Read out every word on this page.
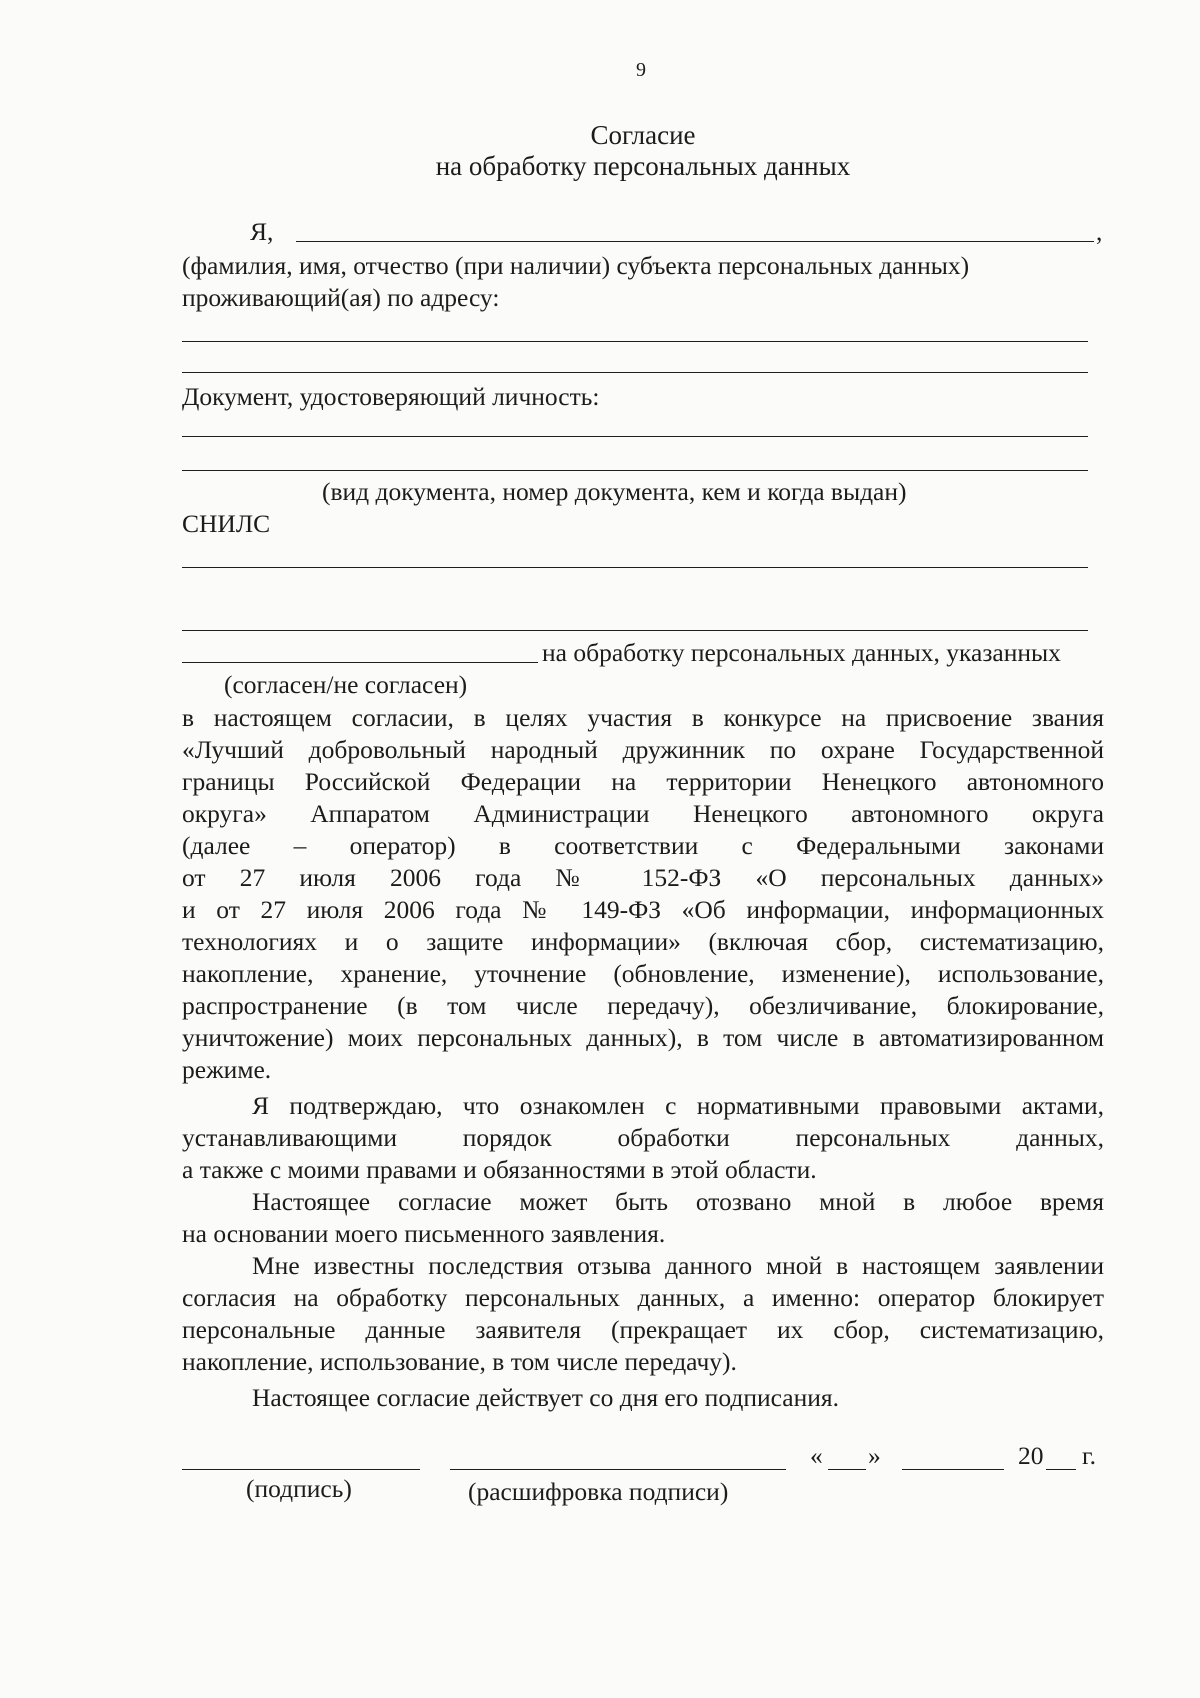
9
Согласие
на обработку персональных данных
Я,	,
(фамилия, имя, отчество (при наличии) субъекта персональных данных)
проживающий(ая) по адресу:
Документ, удостоверяющий личность:
(вид документа, номер документа, кем и когда выдан)
СНИЛС
на обработку персональных данных, указанных
(согласен/не согласен)
в настоящем согласии, в целях участия в конкурсе на присвоение звания
«Лучший добровольный народный дружинник по охране Государственной
границы Российской Федерации на территории Ненецкого автономного
округа» Аппаратом Администрации Ненецкого автономного округа
(далее – оператор) в соответствии с Федеральными законами
от 27 июля 2006 года № 152-ФЗ «О персональных данных»
и от 27 июля 2006 года № 149-ФЗ «Об информации, информационных
технологиях и о защите информации» (включая сбор, систематизацию,
накопление, хранение, уточнение (обновление, изменение), использование,
распространение (в том числе передачу), обезличивание, блокирование,
уничтожение) моих персональных данных), в том числе в автоматизированном
режиме.
Я подтверждаю, что ознакомлен с нормативными правовыми актами,
устанавливающими порядок обработки персональных данных,
а также с моими правами и обязанностями в этой области.
Настоящее согласие может быть отозвано мной в любое время
на основании моего письменного заявления.
Мне известны последствия отзыва данного мной в настоящем заявлении
согласия на обработку персональных данных, а именно: оператор блокирует
персональные данные заявителя (прекращает их сбор, систематизацию,
накопление, использование, в том числе передачу).
Настоящее согласие действует со дня его подписания.
« »	20 г.
(подпись)	(расшифровка подписи)
